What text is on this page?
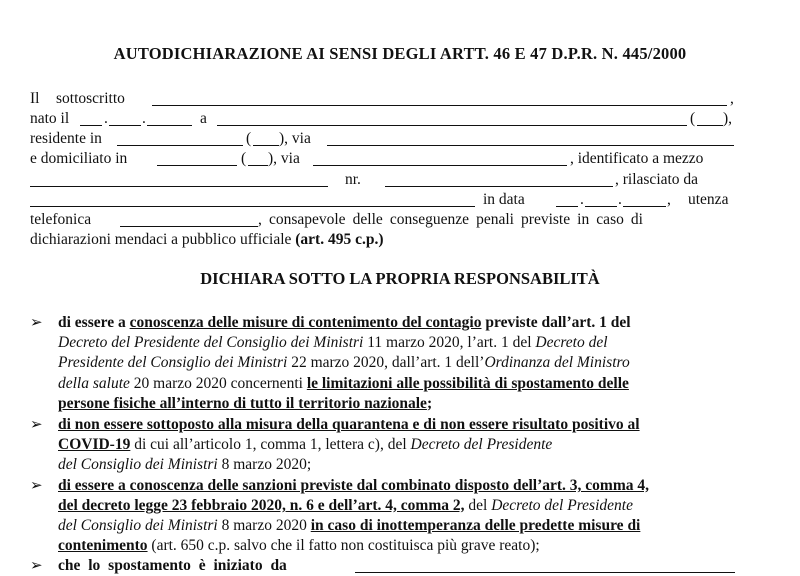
AUTODICHIARAZIONE AI SENSI DEGLI ARTT. 46 E 47 D.P.R. N. 445/2000
Il sottoscritto	,
nato il . .	a	( ),
residente in	( ), via
e domiciliato in	( ), via	, identificato a mezzo
nr.	, rilasciato da
in data	. .	, utenza
telefonica	, consapevole delle conseguenze penali previste in caso di
dichiarazioni mendaci a pubblico ufficiale (art. 495 c.p.)
DICHIARA SOTTO LA PROPRIA RESPONSABILITÀ
➢ di essere a conoscenza delle misure di contenimento del contagio previste dall’art. 1 del
Decreto del Presidente del Consiglio dei Ministri 11 marzo 2020, l’art. 1 del Decreto del
Presidente del Consiglio dei Ministri 22 marzo 2020, dall’art. 1 dell’Ordinanza del Ministro
della salute 20 marzo 2020 concernenti le limitazioni alle possibilità di spostamento delle
persone fisiche all’interno di tutto il territorio nazionale;
➢ di non essere sottoposto alla misura della quarantena e di non essere risultato positivo al
COVID-19 di cui all’articolo 1, comma 1, lettera c), del Decreto del Presidente
del Consiglio dei Ministri 8 marzo 2020;
➢ di essere a conoscenza delle sanzioni previste dal combinato disposto dell’art. 3, comma 4,
del decreto legge 23 febbraio 2020, n. 6 e dell’art. 4, comma 2, del Decreto del Presidente
del Consiglio dei Ministri 8 marzo 2020 in caso di inottemperanza delle predette misure di
contenimento (art. 650 c.p. salvo che il fatto non costituisca più grave reato);
➢ che lo spostamento è iniziato da
